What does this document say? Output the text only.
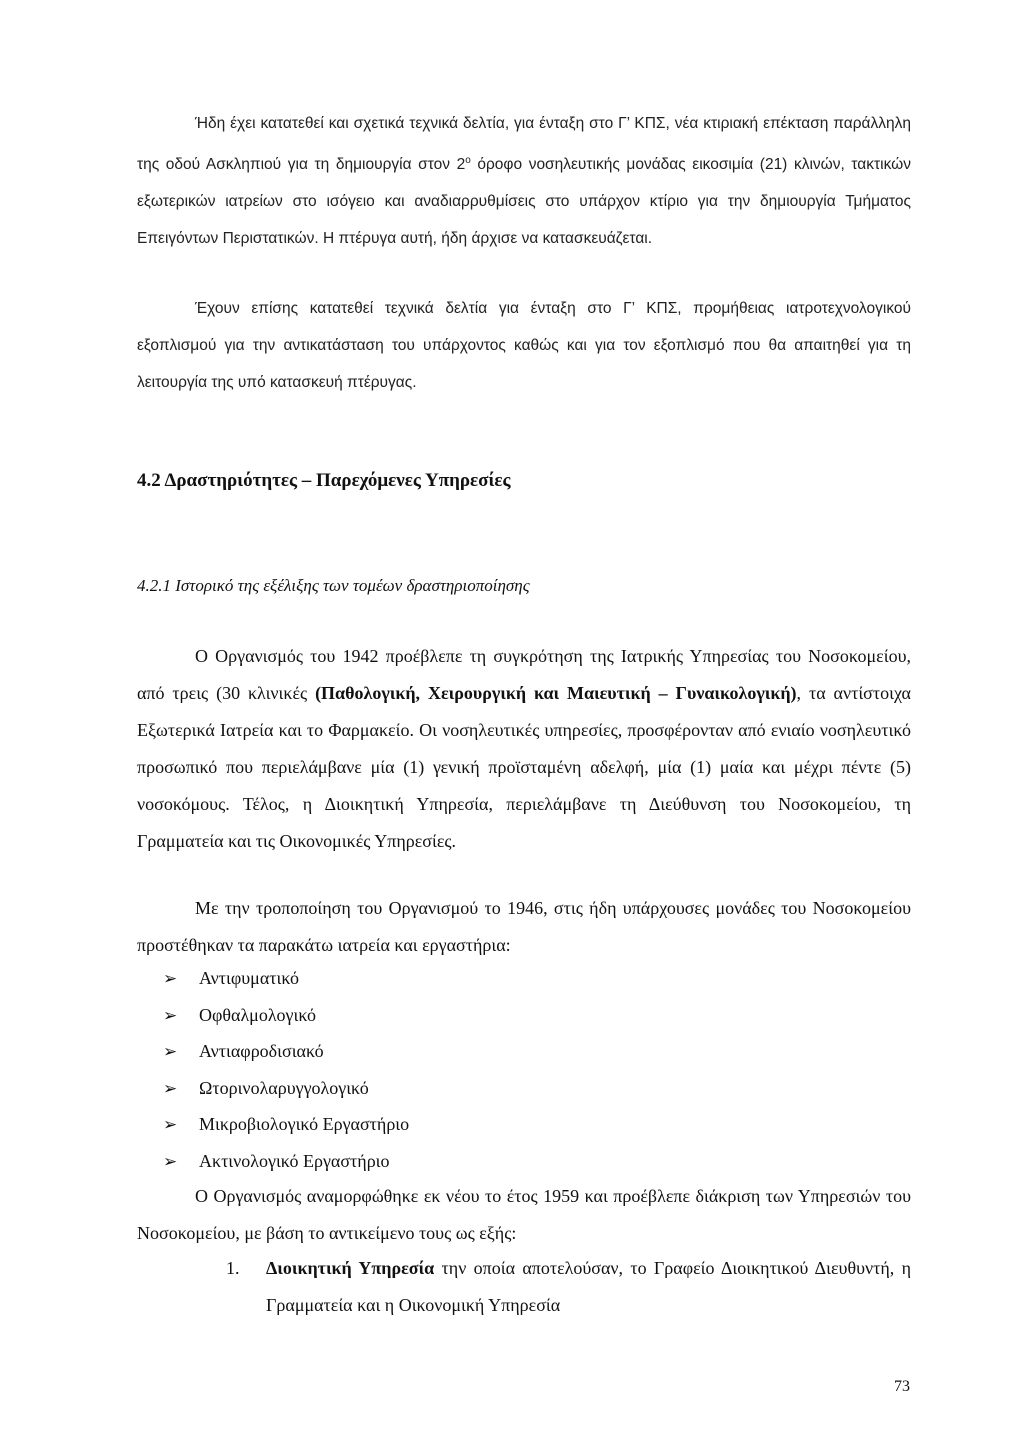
Ήδη έχει κατατεθεί και σχετικά τεχνικά δελτία, για ένταξη στο Γ’ ΚΠΣ, νέα κτιριακή επέκταση παράλληλη της οδού Ασκληπιού για τη δημιουργία στον $2^o$ όροφο νοσηλευτικής μονάδας εικοσιμία (21) κλινών, τακτικών εξωτερικών ιατρείων στο ισόγειο και αναδιαρρυθμίσεις στο υπάρχον κτίριο για την δημιουργία Τμήματος Επειγόντων Περιστατικών. Η πτέρυγα αυτή, ήδη άρχισε να κατασκευάζεται.

Έχουν επίσης κατατεθεί τεχνικά δελτία για ένταξη στο Γ’ ΚΠΣ, προμήθειας ιατροτεχνολογικού εξοπλισμού για την αντικατάσταση του υπάρχοντος καθώς και για τον εξοπλισμό που θα απαιτηθεί για τη λειτουργία της υπό κατασκευή πτέρυγας.

4.2 Δραστηριότητες – Παρεχόμενες Υπηρεσίες

4.2.1 Ιστορικό της εξέλιξης των τομέων δραστηριοποίησης

Ο Οργανισμός του 1942 προέβλεπε τη συγκρότηση της Ιατρικής Υπηρεσίας του Νοσοκομείου, από τρεις (30 κλινικές (Παθολογική, Χειρουργική και Μαιευτική – Γυναικολογική), τα αντίστοιχα Εξωτερικά Ιατρεία και το Φαρμακείο. Οι νοσηλευτικές υπηρεσίες, προσφέρονταν από ενιαίο νοσηλευτικό προσωπικό που περιελάμβανε μία (1) γενική προϊσταμένη αδελφή, μία (1) μαία και μέχρι πέντε (5) νοσοκόμους. Τέλος, η Διοικητική Υπηρεσία, περιελάμβανε τη Διεύθυνση του Νοσοκομείου, τη Γραμματεία και τις Οικονομικές Υπηρεσίες.

Με την τροποποίηση του Οργανισμού το 1946, στις ήδη υπάρχουσες μονάδες του Νοσοκομείου προστέθηκαν τα παρακάτω ιατρεία και εργαστήρια:

➢ Αντιφυματικό
➢ Οφθαλμολογικό
➢ Αντιαφροδισιακό
➢ Ωτορινολαρυγγολογικό
➢ Μικροβιολογικό Εργαστήριο
➢ Ακτινολογικό Εργαστήριο

Ο Οργανισμός αναμορφώθηκε εκ νέου το έτος 1959 και προέβλεπε διάκριση των Υπηρεσιών του Νοσοκομείου, με βάση το αντικείμενο τους ως εξής:

1. Διοικητική Υπηρεσία την οποία αποτελούσαν, το Γραφείο Διοικητικού Διευθυντή, η Γραμματεία και η Οικονομική Υπηρεσία

73
